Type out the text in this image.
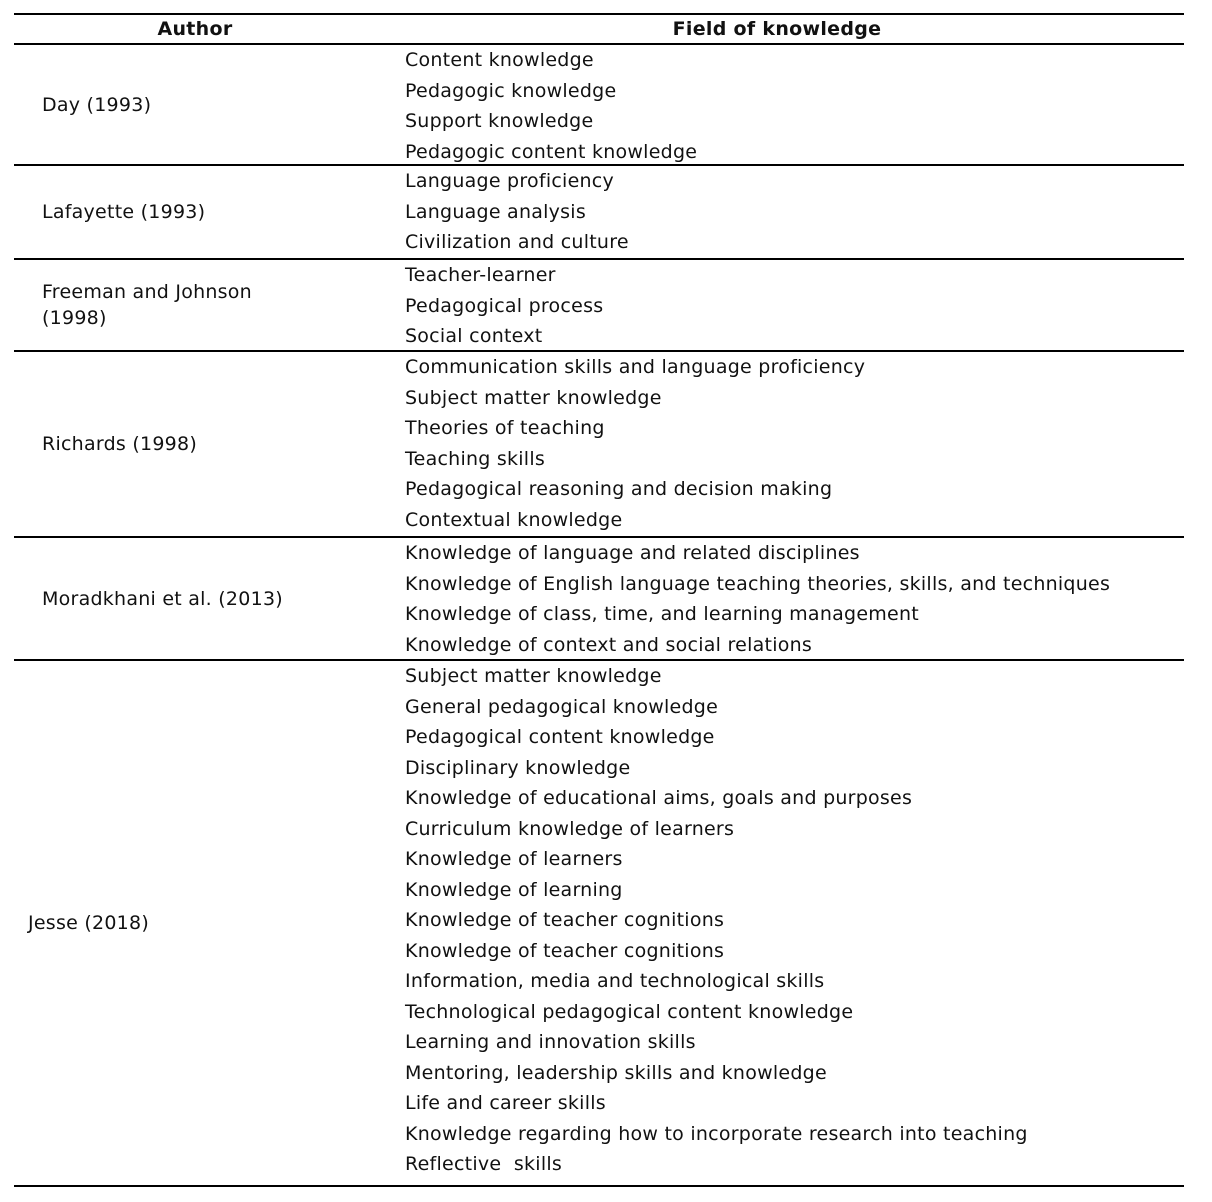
Author	Field of knowledge
Day (1993)
Content knowledge
Pedagogic knowledge
Support knowledge
Pedagogic content knowledge
Lafayette (1993)
Language proficiency
Language analysis
Civilization and culture
Freeman and Johnson (1998)
Teacher-learner
Pedagogical process
Social context
Richards (1998)
Communication skills and language proficiency
Subject matter knowledge
Theories of teaching
Teaching skills
Pedagogical reasoning and decision making
Contextual knowledge
Moradkhani et al. (2013)
Knowledge of language and related disciplines
Knowledge of English language teaching theories, skills, and techniques
Knowledge of class, time, and learning management
Knowledge of context and social relations
Jesse (2018)
Subject matter knowledge
General pedagogical knowledge
Pedagogical content knowledge
Disciplinary knowledge
Knowledge of educational aims, goals and purposes
Curriculum knowledge of learners
Knowledge of learners
Knowledge of learning
Knowledge of teacher cognitions
Knowledge of teacher cognitions
Information, media and technological skills
Technological pedagogical content knowledge
Learning and innovation skills
Mentoring, leadership skills and knowledge
Life and career skills
Knowledge regarding how to incorporate research into teaching
Reflective  skills
